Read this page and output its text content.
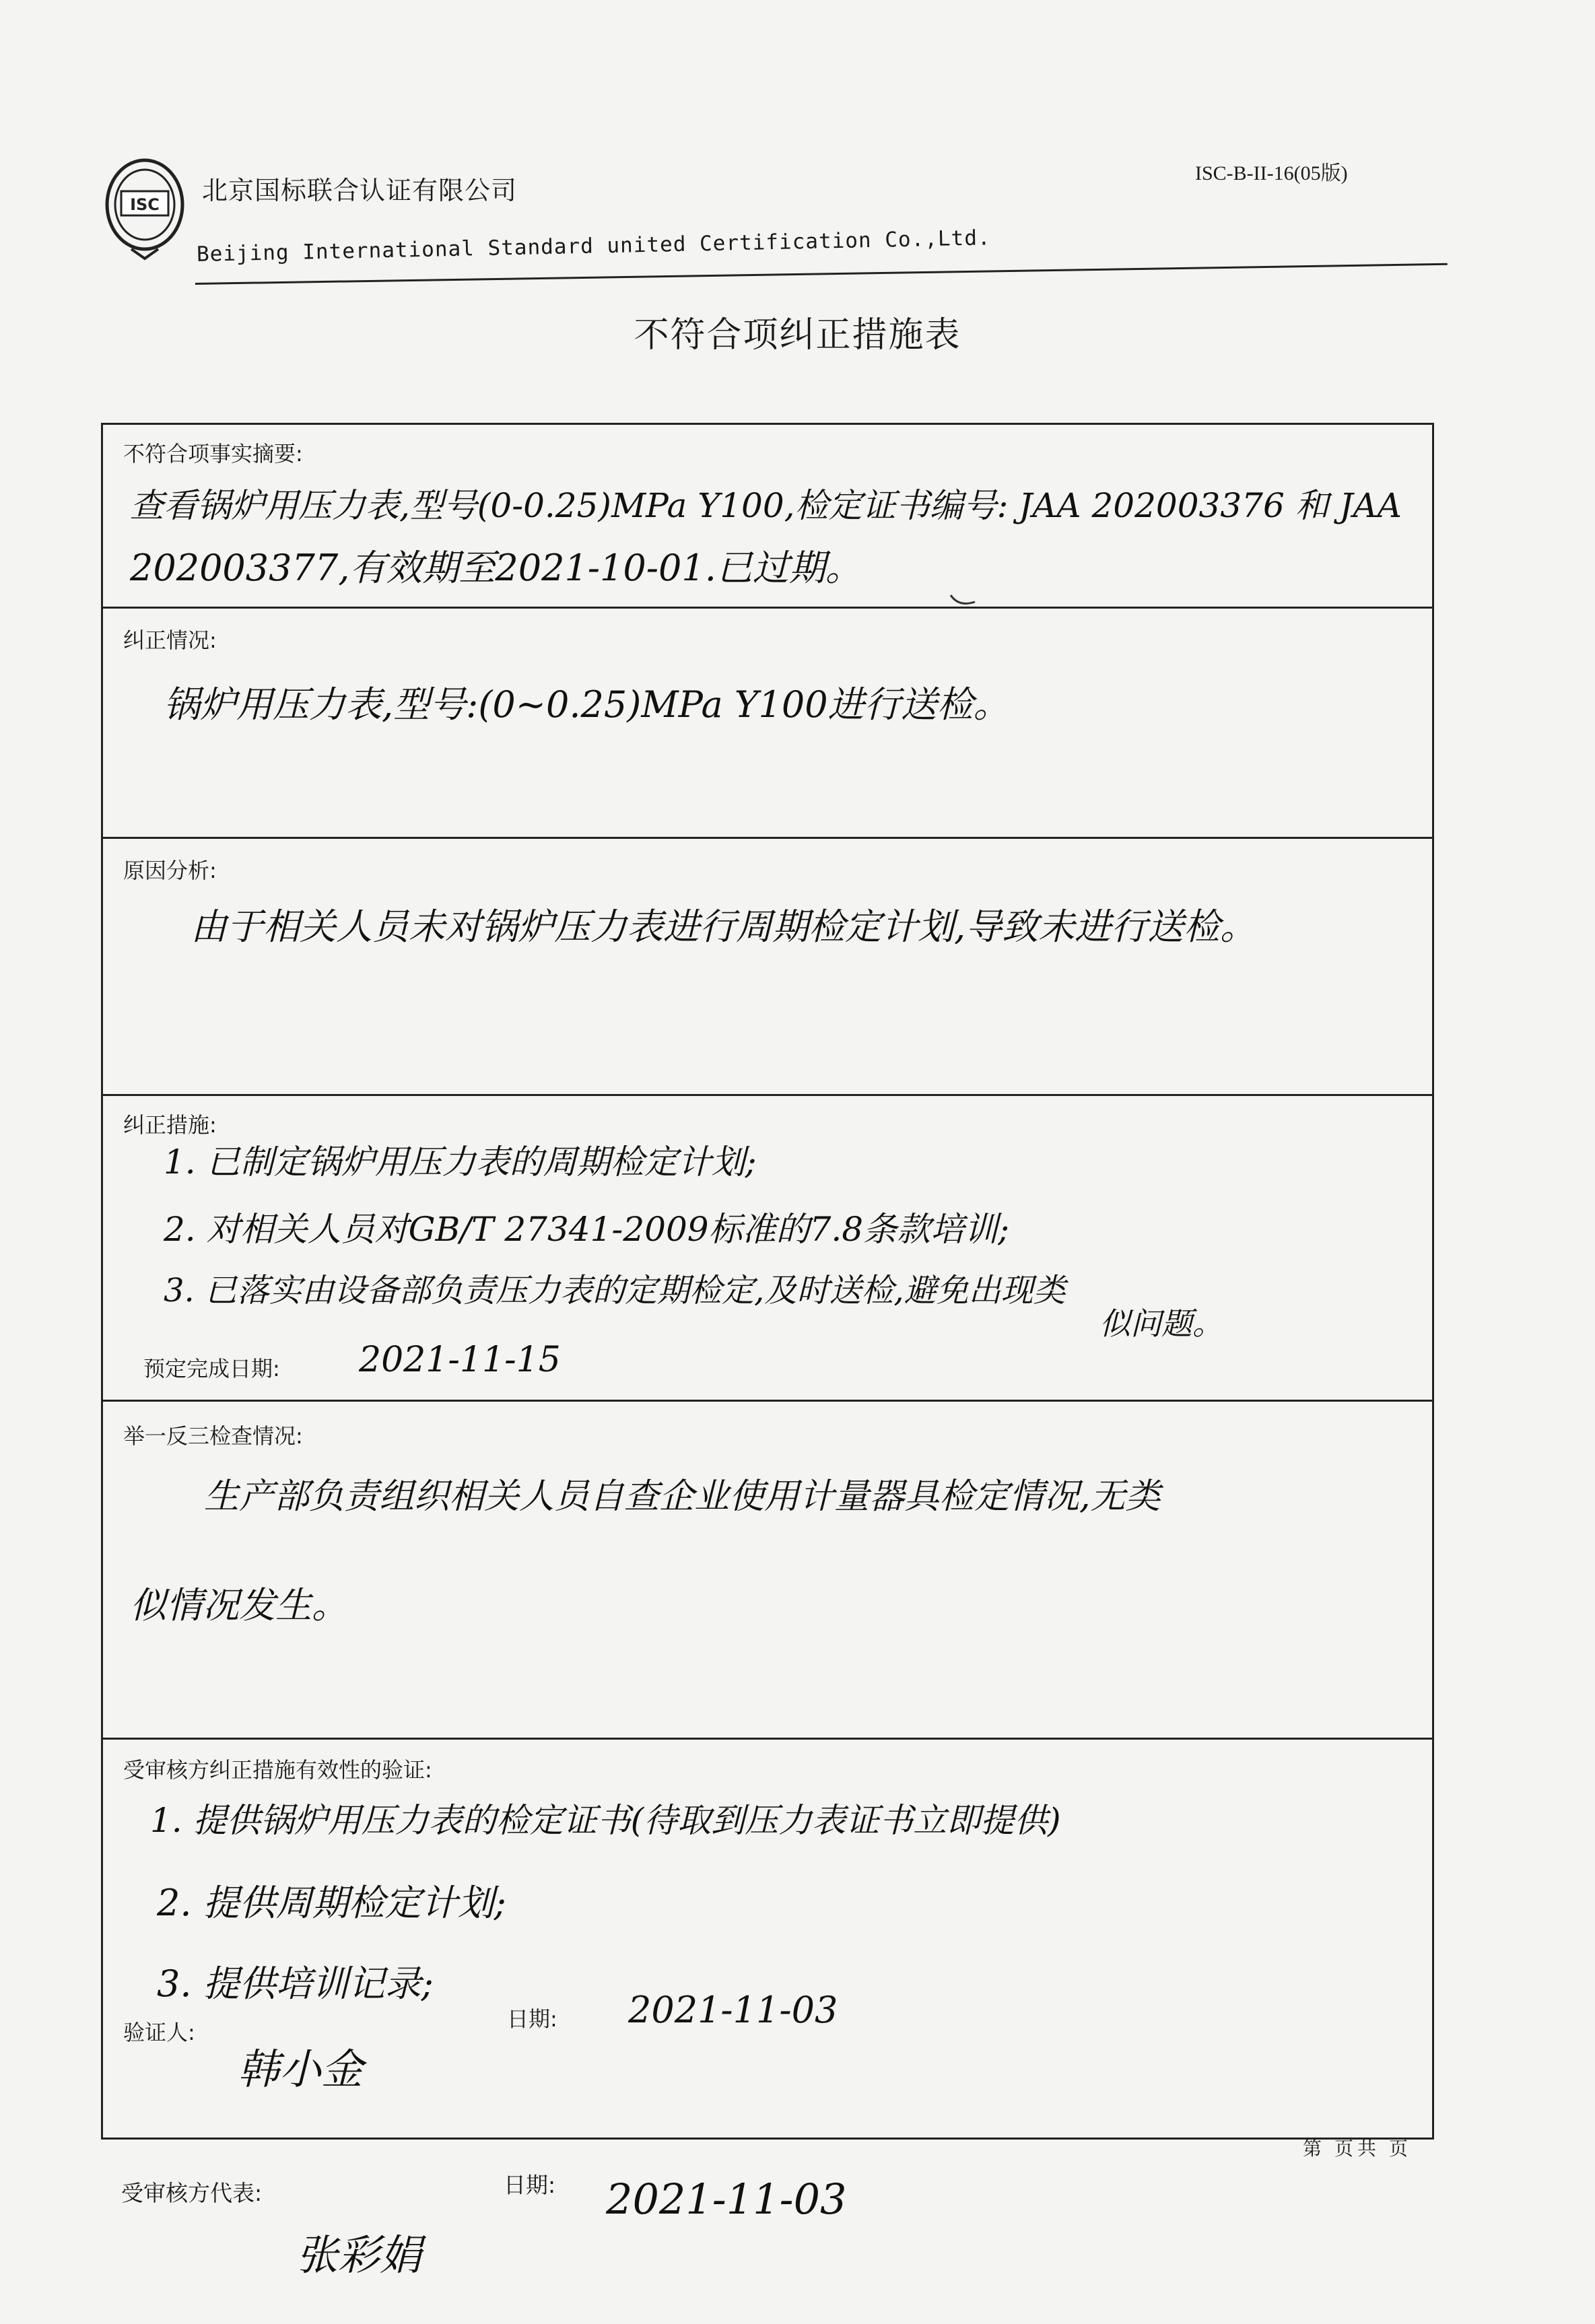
ISC 北京国标联合认证有限公司
Beijing International Standard united Certification Co.,Ltd.
ISC-B-II-16(05版)
不符合项纠正措施表
不符合项事实摘要:
查看锅炉用压力表,型号(0-0.25)MPa Y100,检定证书编号: JAA 202003376 和 JAA
202003377,有效期至2021-10-01.已过期。
纠正情况:
锅炉用压力表,型号:(0~0.25)MPa Y100进行送检。
原因分析:
由于相关人员未对锅炉压力表进行周期检定计划,导致未进行送检。
纠正措施:
1. 已制定锅炉用压力表的周期检定计划;
2. 对相关人员对GB/T 27341-2009标准的7.8条款培训;
3. 已落实由设备部负责压力表的定期检定,及时送检,避免出现类
似问题。
预定完成日期: 2021-11-15
举一反三检查情况:
生产部负责组织相关人员自查企业使用计量器具检定情况,无类
似情况发生。
受审核方纠正措施有效性的验证:
1. 提供锅炉用压力表的检定证书(待取到压力表证书立即提供)
2. 提供周期检定计划;
3. 提供培训记录;
验证人:
韩小金
日期: 2021-11-03
受审核方代表:
张彩娟
日期: 2021-11-03
第 页共 页
